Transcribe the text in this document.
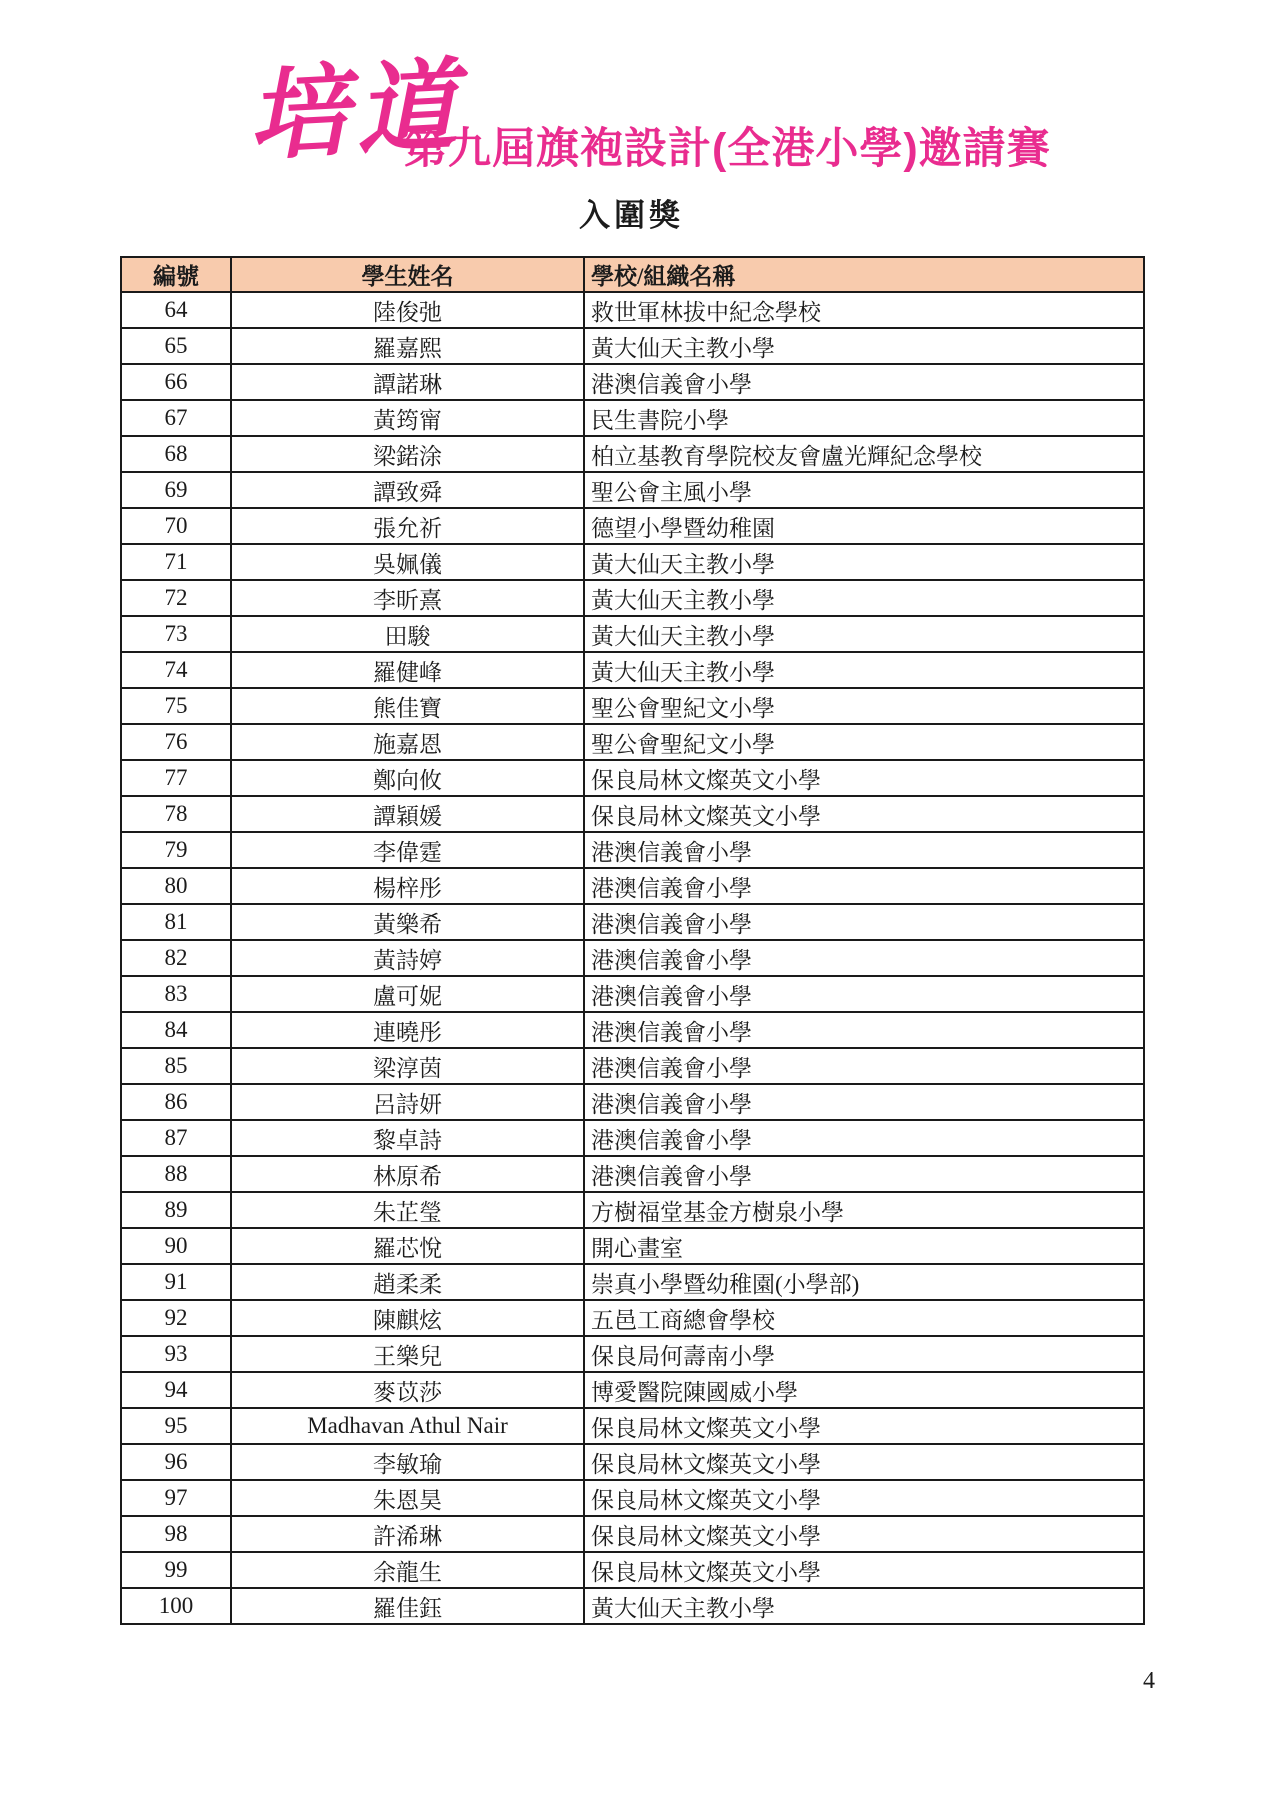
培道
第九屆旗袍設計(全港小學)邀請賽
入圍獎
編號	學生姓名	學校/組織名稱
64	陸俊弛	救世軍林拔中紀念學校
65	羅嘉熙	黃大仙天主教小學
66	譚諾琳	港澳信義會小學
67	黃筠甯	民生書院小學
68	梁鍩涂	柏立基教育學院校友會盧光輝紀念學校
69	譚致舜	聖公會主風小學
70	張允祈	德望小學暨幼稚園
71	吳姵儀	黃大仙天主教小學
72	李昕熹	黃大仙天主教小學
73	田駿	黃大仙天主教小學
74	羅健峰	黃大仙天主教小學
75	熊佳寶	聖公會聖紀文小學
76	施嘉恩	聖公會聖紀文小學
77	鄭向攸	保良局林文燦英文小學
78	譚穎媛	保良局林文燦英文小學
79	李偉霆	港澳信義會小學
80	楊梓彤	港澳信義會小學
81	黃樂希	港澳信義會小學
82	黃詩婷	港澳信義會小學
83	盧可妮	港澳信義會小學
84	連曉彤	港澳信義會小學
85	梁淳茵	港澳信義會小學
86	呂詩妍	港澳信義會小學
87	黎卓詩	港澳信義會小學
88	林原希	港澳信義會小學
89	朱芷瑩	方樹福堂基金方樹泉小學
90	羅芯悅	開心畫室
91	趙柔柔	崇真小學暨幼稚園(小學部)
92	陳麒炫	五邑工商總會學校
93	王樂兒	保良局何壽南小學
94	麥苡莎	博愛醫院陳國威小學
95	Madhavan Athul Nair	保良局林文燦英文小學
96	李敏瑜	保良局林文燦英文小學
97	朱恩昊	保良局林文燦英文小學
98	許浠琳	保良局林文燦英文小學
99	余龍生	保良局林文燦英文小學
100	羅佳鈺	黃大仙天主教小學
4
